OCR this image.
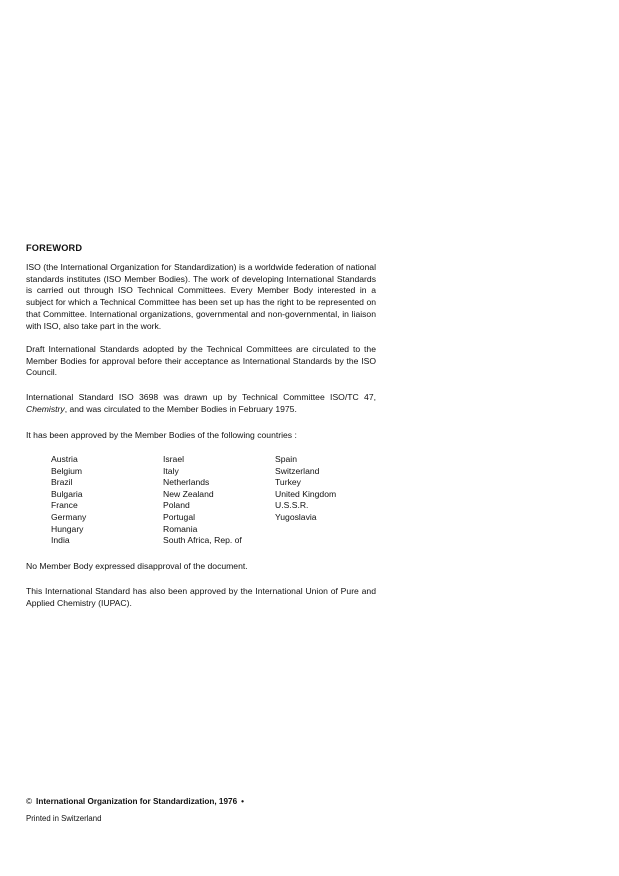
FOREWORD
ISO (the International Organization for Standardization) is a worldwide federation of national standards institutes (ISO Member Bodies). The work of developing International Standards is carried out through ISO Technical Committees. Every Member Body interested in a subject for which a Technical Committee has been set up has the right to be represented on that Committee. International organizations, governmental and non-governmental, in liaison with ISO, also take part in the work.
Draft International Standards adopted by the Technical Committees are circulated to the Member Bodies for approval before their acceptance as International Standards by the ISO Council.
International Standard ISO 3698 was drawn up by Technical Committee ISO/TC 47, Chemistry, and was circulated to the Member Bodies in February 1975.
It has been approved by the Member Bodies of the following countries :
Austria
Belgium
Brazil
Bulgaria
France
Germany
Hungary
India
Israel
Italy
Netherlands
New Zealand
Poland
Portugal
Romania
South Africa, Rep. of
Spain
Switzerland
Turkey
United Kingdom
U.S.S.R.
Yugoslavia
No Member Body expressed disapproval of the document.
This International Standard has also been approved by the International Union of Pure and Applied Chemistry (IUPAC).
© International Organization for Standardization, 1976 •
Printed in Switzerland
